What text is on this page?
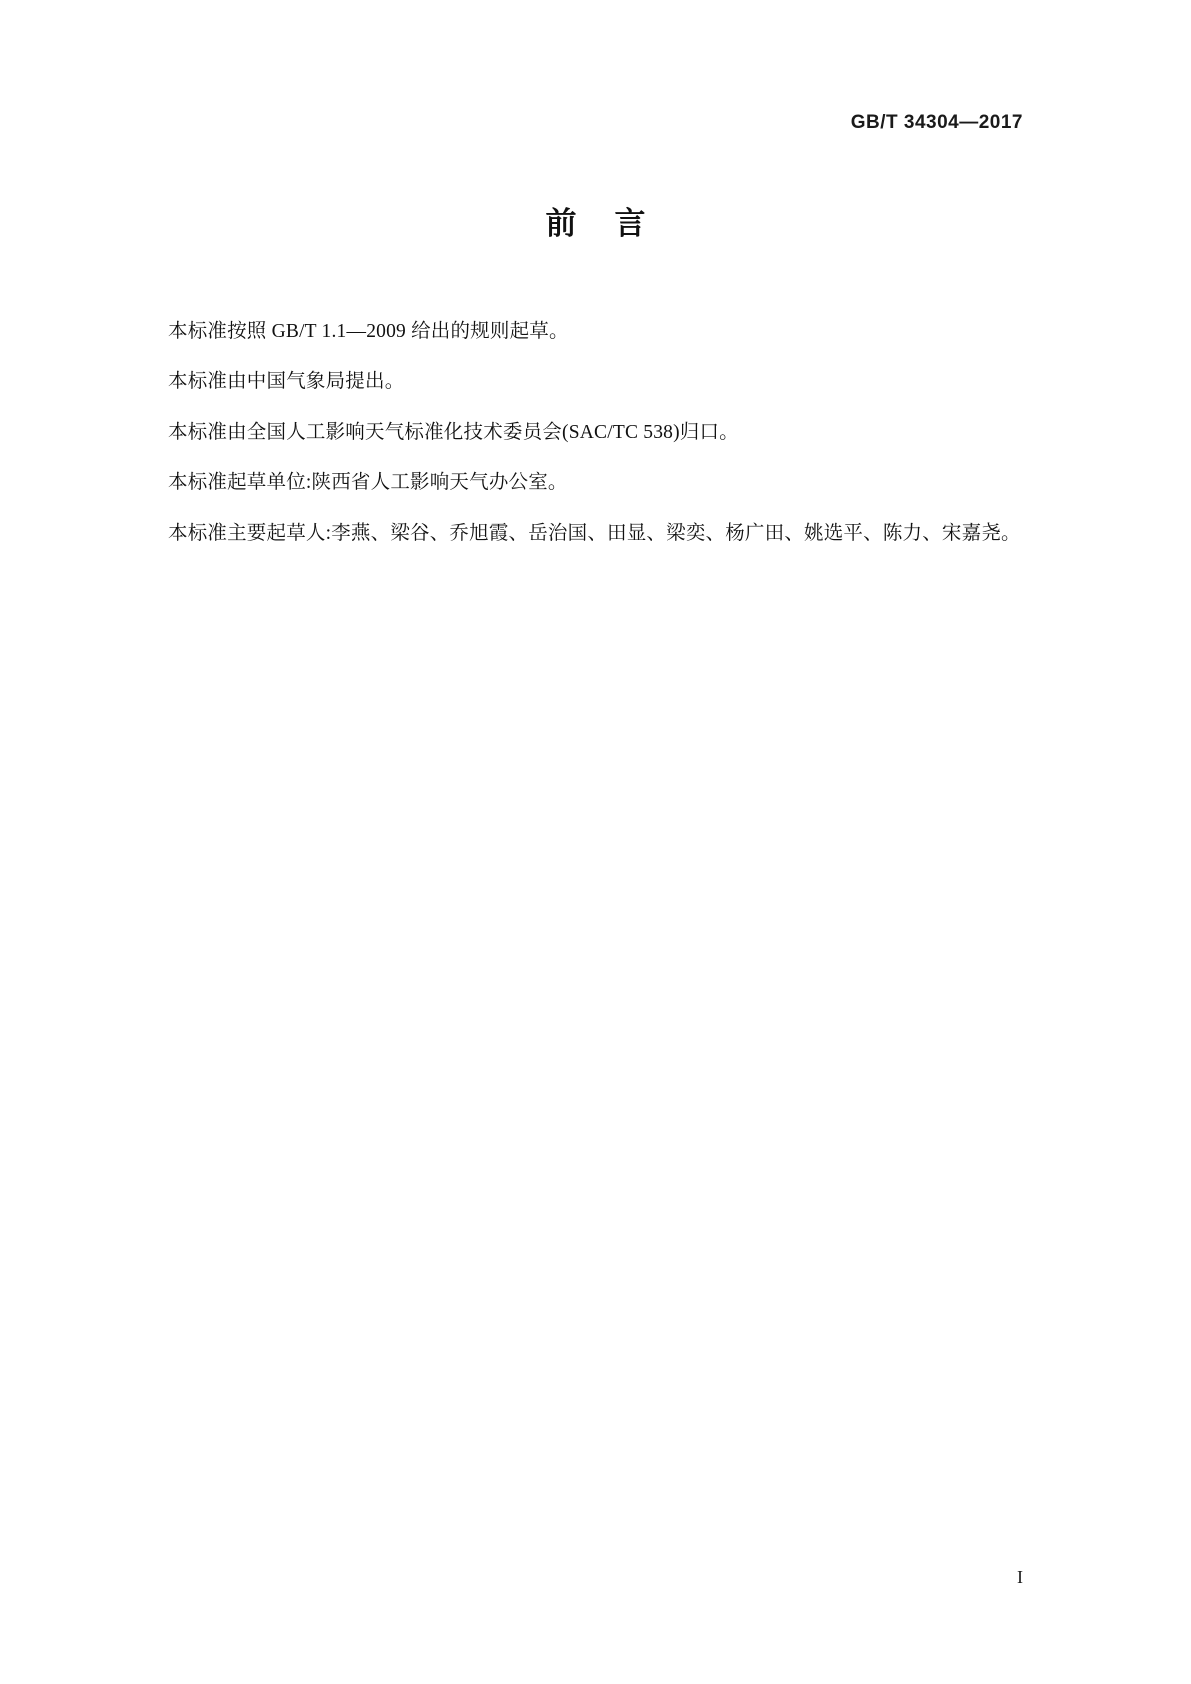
GB/T 34304—2017
前 言

本标准按照 GB/T 1.1—2009 给出的规则起草。

本标准由中国气象局提出。

本标准由全国人工影响天气标准化技术委员会(SAC/TC 538)归口。

本标准起草单位:陕西省人工影响天气办公室。

本标准主要起草人:李燕、梁谷、乔旭霞、岳治国、田显、梁奕、杨广田、姚选平、陈力、宋嘉尧。

I
